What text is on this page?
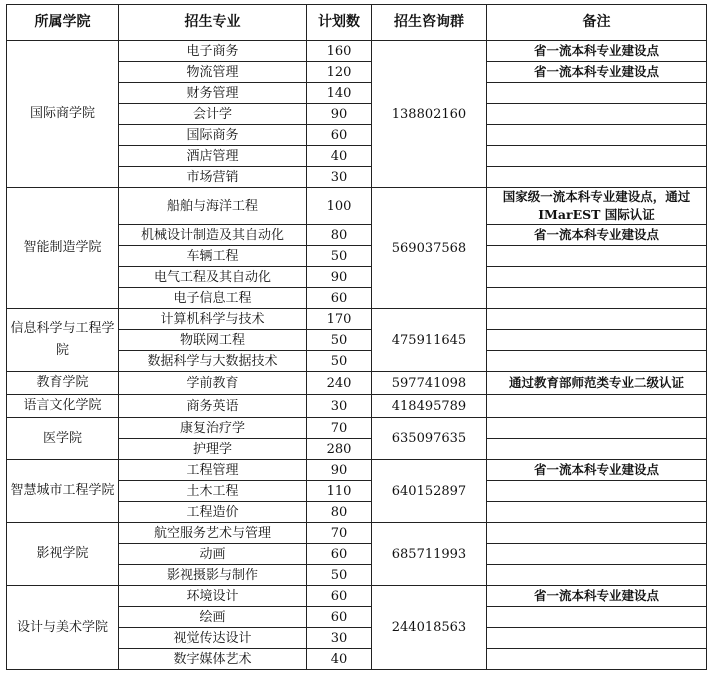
所属学院	招生专业	计划数	招生咨询群	备注
国际商学院	电子商务	160	138802160	省一流本科专业建设点
	物流管理	120		省一流本科专业建设点
	财务管理	140		
	会计学	90		
	国际商务	60		
	酒店管理	40		
	市场营销	30		
智能制造学院	船舶与海洋工程	100	569037568	国家级一流本科专业建设点，通过 IMarEST 国际认证
	机械设计制造及其自动化	80		省一流本科专业建设点
	车辆工程	50		
	电气工程及其自动化	90		
	电子信息工程	60		
信息科学与工程学院	计算机科学与技术	170	475911645	
	物联网工程	50		
	数据科学与大数据技术	50		
教育学院	学前教育	240	597741098	通过教育部师范类专业二级认证
语言文化学院	商务英语	30	418495789	
医学院	康复治疗学	70	635097635	
	护理学	280		
智慧城市工程学院	工程管理	90	640152897	省一流本科专业建设点
	土木工程	110		
	工程造价	80		
影视学院	航空服务艺术与管理	70	685711993	
	动画	60		
	影视摄影与制作	50		
设计与美术学院	环境设计	60	244018563	省一流本科专业建设点
	绘画	60		
	视觉传达设计	30		
	数字媒体艺术	40		
